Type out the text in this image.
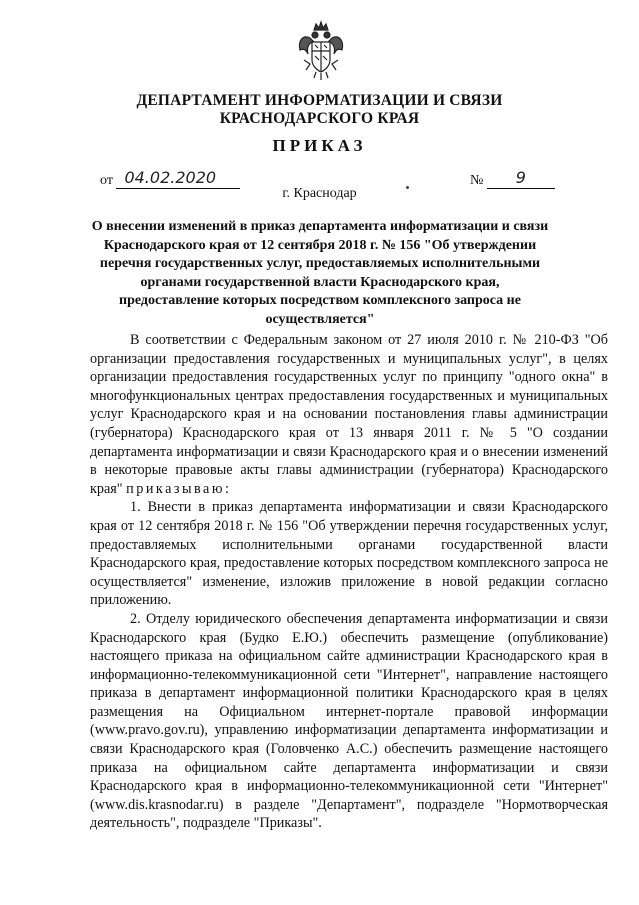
ДЕПАРТАМЕНТ ИНФОРМАТИЗАЦИИ И СВЯЗИ
КРАСНОДАРСКОГО КРАЯ
ПРИКАЗ
от 04.02.2020	№ 9
г. Краснодар
О внесении изменений в приказ департамента информатизации и связи Краснодарского края от 12 сентября 2018 г. № 156 "Об утверждении перечня государственных услуг, предоставляемых исполнительными органами государственной власти Краснодарского края, предоставление которых посредством комплексного запроса не осуществляется"

В соответствии с Федеральным законом от 27 июля 2010 г. № 210-ФЗ "Об организации предоставления государственных и муниципальных услуг", в целях организации предоставления государственных услуг по принципу "одного окна" в многофункциональных центрах предоставления государственных и муниципальных услуг Краснодарского края и на основании постановления главы администрации (губернатора) Краснодарского края от 13 января 2011 г. № 5 "О создании департамента информатизации и связи Краснодарского края и о внесении изменений в некоторые правовые акты главы администрации (губернатора) Краснодарского края" приказываю:

1. Внести в приказ департамента информатизации и связи Краснодарского края от 12 сентября 2018 г. № 156 "Об утверждении перечня государственных услуг, предоставляемых исполнительными органами государственной власти Краснодарского края, предоставление которых посредством комплексного запроса не осуществляется" изменение, изложив приложение в новой редакции согласно приложению.

2. Отделу юридического обеспечения департамента информатизации и связи Краснодарского края (Будко Е.Ю.) обеспечить размещение (опубликование) настоящего приказа на официальном сайте администрации Краснодарского края в информационно-телекоммуникационной сети "Интернет", направление настоящего приказа в департамент информационной политики Краснодарского края в целях размещения на Официальном интернет-портале правовой информации (www.pravo.gov.ru), управлению информатизации департамента информатизации и связи Краснодарского края (Головченко А.С.) обеспечить размещение настоящего приказа на официальном сайте департамента информатизации и связи Краснодарского края в информационно-телекоммуникационной сети "Интернет" (www.dis.krasnodar.ru) в разделе "Департамент", подразделе "Нормотворческая деятельность", подразделе "Приказы".
